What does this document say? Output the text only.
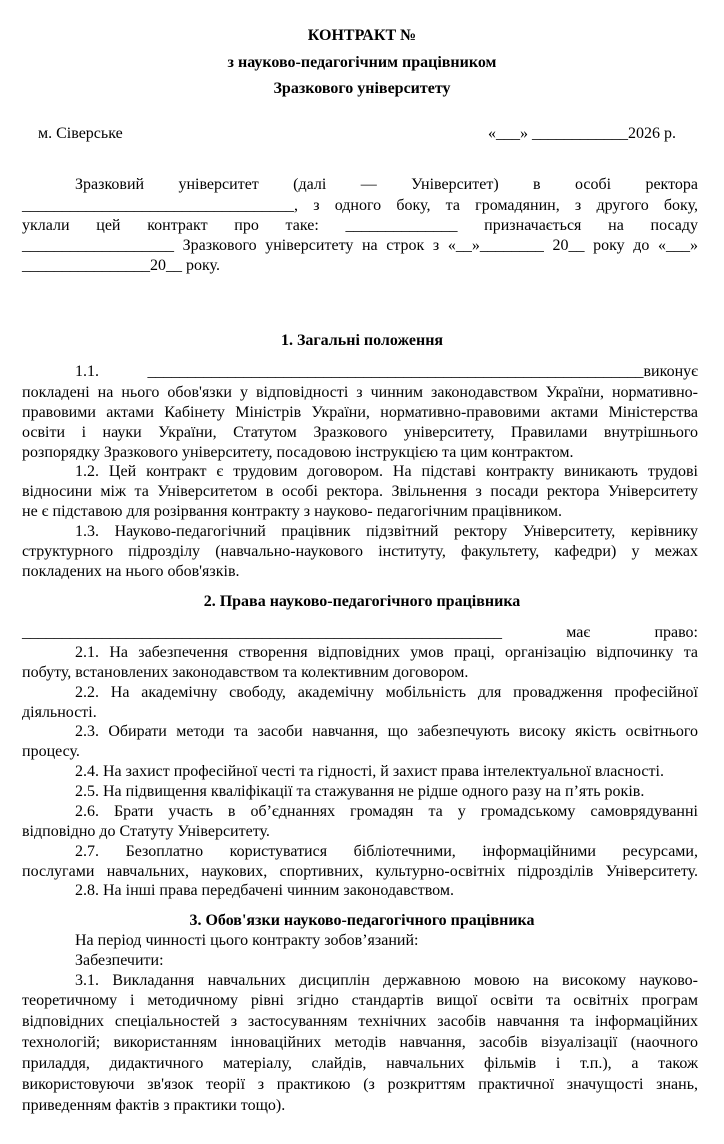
КОНТРАКТ №
з науково-педагогічним працівником
Зразкового університету
м. Сіверське	«___» ____________2026 р.
Зразковий університет (далі — Університет) в особі ректора
__________________________________, з одного боку, та громадянин, з другого боку,
уклали цей контракт про таке: ______________ призначається на посаду
___________________ Зразкового університету на строк з «__»________ 20__ року до «___»
________________20__ року.
1. Загальні положення
1.1. ______________________________________________________________виконує
покладені на нього обов'язки у відповідності з чинним законодавством України, нормативно-
правовими актами Кабінету Міністрів України, нормативно-правовими актами Міністерства
освіти і науки України, Статутом Зразкового університету, Правилами внутрішнього
розпорядку Зразкового університету, посадовою інструкцією та цим контрактом.
1.2. Цей контракт є трудовим договором. На підставі контракту виникають трудові
відносини між та Університетом в особі ректора. Звільнення з посади ректора Університету
не є підставою для розірвання контракту з науково- педагогічним працівником.
1.3. Науково-педагогічний працівник підзвітний ректору Університету, керівнику
структурного підрозділу (навчально-наукового інституту, факультету, кафедри) у межах
покладених на нього обов'язків.
2. Права науково-педагогічного працівника
____________________________________________________________ має право:
2.1. На забезпечення створення відповідних умов праці, організацію відпочинку та
побуту, встановлених законодавством та колективним договором.
2.2. На академічну свободу, академічну мобільність для провадження професійної
діяльності.
2.3. Обирати методи та засоби навчання, що забезпечують високу якість освітнього
процесу.
2.4. На захист професійної честі та гідності, й захист права інтелектуальної власності.
2.5. На підвищення кваліфікації та стажування не рідше одного разу на п’ять років.
2.6. Брати участь в об’єднаннях громадян та у громадському самоврядуванні
відповідно до Статуту Університету.
2.7. Безоплатно користуватися бібліотечними, інформаційними ресурсами,
послугами навчальних, наукових, спортивних, культурно-освітніх підрозділів Університету.
2.8. На інші права передбачені чинним законодавством.
3. Обов'язки науково-педагогічного працівника
На період чинності цього контракту зобов’язаний:
Забезпечити:
3.1. Викладання навчальних дисциплін державною мовою на високому науково-
теоретичному і методичному рівні згідно стандартів вищої освіти та освітніх програм
відповідних спеціальностей з застосуванням технічних засобів навчання та інформаційних
технологій; використанням інноваційних методів навчання, засобів візуалізації (наочного
приладдя, дидактичного матеріалу, слайдів, навчальних фільмів і т.п.), а також
використовуючи зв'язок теорії з практикою (з розкриттям практичної значущості знань,
приведенням фактів з практики тощо).
